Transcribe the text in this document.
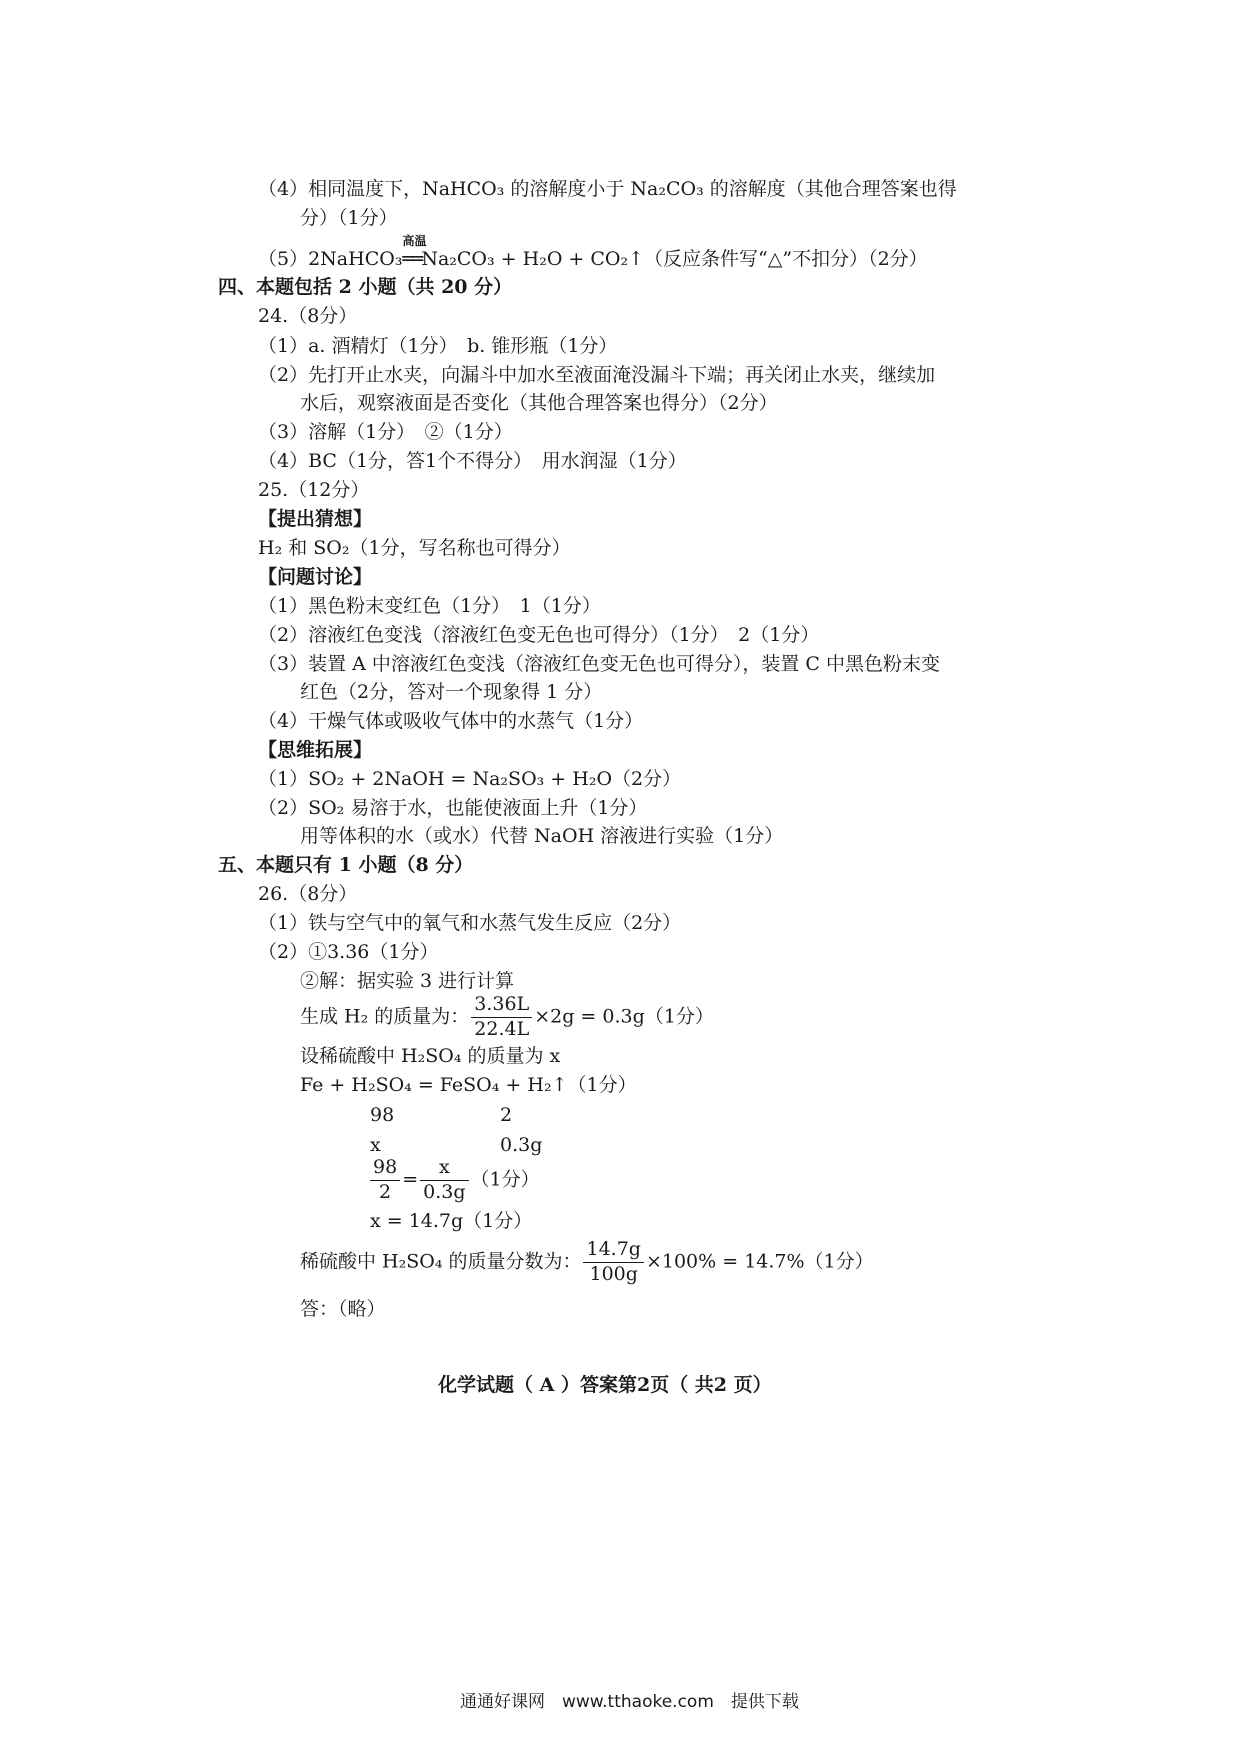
（4）相同温度下，NaHCO₃ 的溶解度小于 Na₂CO₃ 的溶解度（其他合理答案也得
分）（1分）
（5）2NaHCO₃
高温
══Na₂CO₃ + H₂O + CO₂↑（反应条件写“△”不扣分）（2分）
四、本题包括 2 小题（共 20 分）
24.（8分）
（1）a. 酒精灯（1分）　b. 锥形瓶（1分）
（2）先打开止水夹，向漏斗中加水至液面淹没漏斗下端；再关闭止水夹，继续加
水后，观察液面是否变化（其他合理答案也得分）（2分）
（3）溶解（1分）　②（1分）
（4）BC（1分，答1个不得分）　用水润湿（1分）
25.（12分）
【提出猜想】
H₂ 和 SO₂（1分，写名称也可得分）
【问题讨论】
（1）黑色粉末变红色（1分）　1（1分）
（2）溶液红色变浅（溶液红色变无色也可得分）（1分）　2（1分）
（3）装置 A 中溶液红色变浅（溶液红色变无色也可得分），装置 C 中黑色粉末变
红色（2分，答对一个现象得 1 分）
（4）干燥气体或吸收气体中的水蒸气（1分）
【思维拓展】
（1）SO₂ + 2NaOH = Na₂SO₃ + H₂O（2分）
（2）SO₂ 易溶于水，也能使液面上升（1分）
用等体积的水（或水）代替 NaOH 溶液进行实验（1分）
五、本题只有 1 小题（8 分）
26.（8分）
（1）铁与空气中的氧气和水蒸气发生反应（2分）
（2）①3.36（1分）
②解：据实验 3 进行计算
生成 H₂ 的质量为： $\frac{3.36L}{22.4L} \times 2g = 0.3g(1$分）
设稀硫酸中 H₂SO₄ 的质量为 x
Fe + H₂SO₄ = FeSO₄ + H₂↑（1分）
98	2
x	0.3g
$\frac{98}{2} = \frac{x}{0.3g} (1$分）
x = 14.7g（1分）
稀硫酸中 H₂SO₄ 的质量分数为： $\frac{14.7g}{100g} \times 100\% = 14.7\%(1$分）
答：（略）
化学试题（ A ）答案第2页（ 共2 页）
通通好课网　www.tthaoke.com　提供下载
